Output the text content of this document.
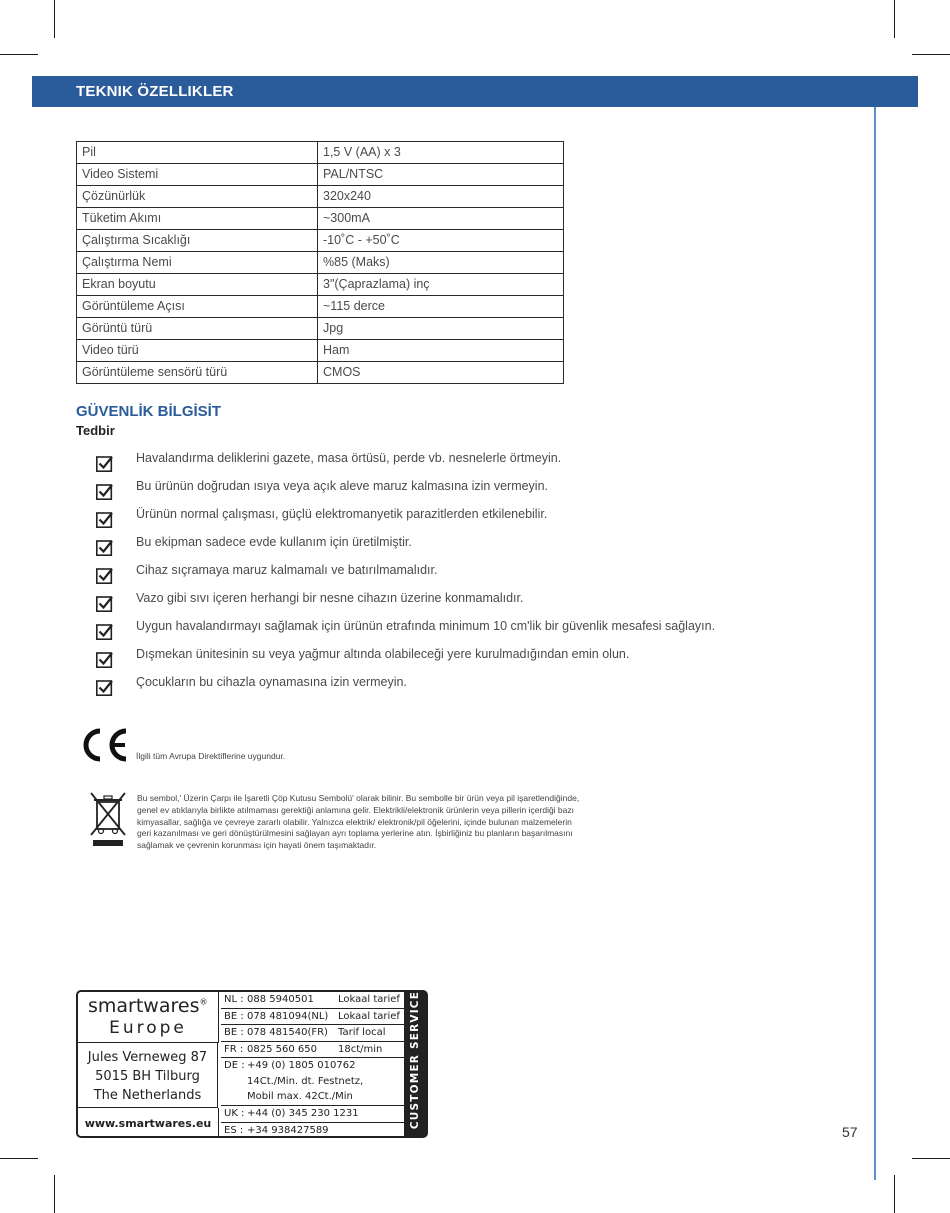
TEKNIK ÖZELLIKLER
Pil	1,5 V (AA) x 3
Video Sistemi	PAL/NTSC
Çözünürlük	320x240
Tüketim Akımı	~300mA
Çalıştırma Sıcaklığı	-10˚C - +50˚C
Çalıştırma Nemi	%85 (Maks)
Ekran boyutu	3"(Çaprazlama) inç
Görüntüleme Açısı	~115 derce
Görüntü türü	Jpg
Video türü	Ham
Görüntüleme sensörü türü	CMOS
GÜVENLİK BİLGİSİT
Tedbir
Havalandırma deliklerini gazete, masa örtüsü, perde vb. nesnelerle örtmeyin.
Bu ürünün doğrudan ısıya veya açık aleve maruz kalmasına izin vermeyin.
Ürünün normal çalışması, güçlü elektromanyetik parazitlerden etkilenebilir.
Bu ekipman sadece evde kullanım için üretilmiştir.
Cihaz sıçramaya maruz kalmamalı ve batırılmamalıdır.
Vazo gibi sıvı içeren herhangi bir nesne cihazın üzerine konmamalıdır.
Uygun havalandırmayı sağlamak için ürünün etrafında minimum 10 cm'lik bir güvenlik mesafesi sağlayın.
Dışmekan ünitesinin su veya yağmur altında olabileceği yere kurulmadığından emin olun.
Çocukların bu cihazla oynamasına izin vermeyin.
İlgili tüm Avrupa Direktiflerine uygundur.
Bu sembol,' Üzerin Çarpı ile İşaretli Çöp Kutusu Sembolü' olarak bilinir. Bu sembolle bir ürün veya pil işaretlendiğinde, genel ev atıklarıyla birlikte atılmaması gerektiği anlamına gelir. Elektrikli/elektronik ürünlerin veya pillerin içerdiği bazı kimyasallar, sağlığa ve çevreye zararlı olabilir. Yalnızca elektrik/ elektronik/pil öğelerini, içinde bulunan malzemelerin geri kazanılması ve geri dönüştürülmesini sağlayan ayrı toplama yerlerine atın. İşbirliğiniz bu planların başarılmasını sağlamak ve çevrenin korunması için hayati önem taşımaktadır.
smartwares®
Europe
Jules Verneweg 87
5015 BH Tilburg
The Netherlands
www.smartwares.eu
NL : 088 5940501 Lokaal tarief
BE : 078 481094(NL) Lokaal tarief
BE : 078 481540(FR) Tarif local
FR : 0825 560 650 18ct/min
DE : +49 (0) 1805 010762
14Ct./Min. dt. Festnetz,
Mobil max. 42Ct./Min
UK : +44 (0) 345 230 1231
ES : +34 938427589
CUSTOMER SERVICE
57
